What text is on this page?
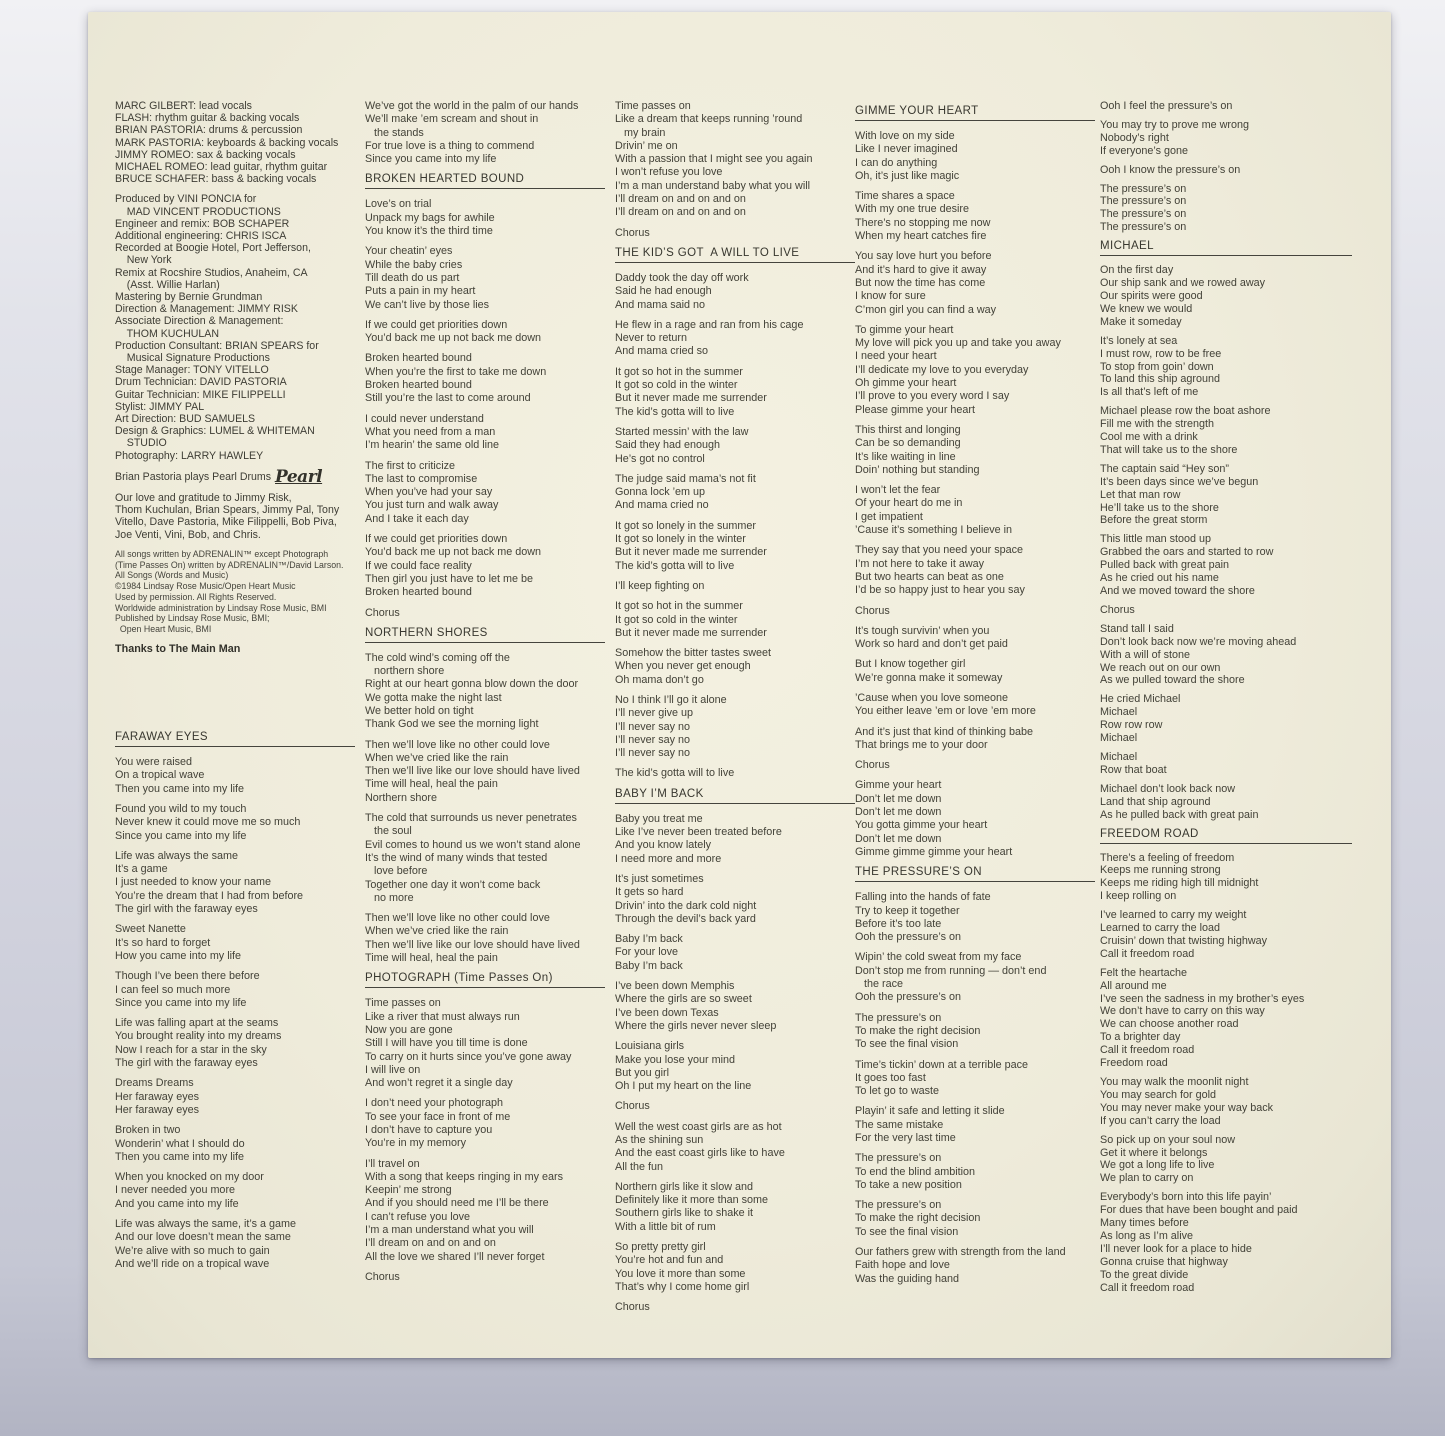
MARC GILBERT: lead vocals
FLASH: rhythm guitar & backing vocals
BRIAN PASTORIA: drums & percussion
MARK PASTORIA: keyboards & backing vocals
JIMMY ROMEO: sax & backing vocals
MICHAEL ROMEO: lead guitar, rhythm guitar
BRUCE SCHAFER: bass & backing vocals
Produced by VINI PONCIA for
MAD VINCENT PRODUCTIONS
Engineer and remix: BOB SCHAPER
Additional engineering: CHRIS ISCA
Recorded at Boogie Hotel, Port Jefferson,
New York
Remix at Rocshire Studios, Anaheim, CA
(Asst. Willie Harlan)
Mastering by Bernie Grundman
Direction & Management: JIMMY RISK
Associate Direction & Management:
THOM KUCHULAN
Production Consultant: BRIAN SPEARS for
Musical Signature Productions
Stage Manager: TONY VITELLO
Drum Technician: DAVID PASTORIA
Guitar Technician: MIKE FILIPPELLI
Stylist: JIMMY PAL
Art Direction: BUD SAMUELS
Design & Graphics: LUMEL & WHITEMAN
STUDIO
Photography: LARRY HAWLEY
Brian Pastoria plays Pearl Drums Pearl
Our love and gratitude to Jimmy Risk,
Thom Kuchulan, Brian Spears, Jimmy Pal, Tony
Vitello, Dave Pastoria, Mike Filippelli, Bob Piva,
Joe Venti, Vini, Bob, and Chris.
All songs written by ADRENALIN™ except Photograph
(Time Passes On) written by ADRENALIN™/David Larson.
All Songs (Words and Music)
©1984 Lindsay Rose Music/Open Heart Music
Used by permission. All Rights Reserved.
Worldwide administration by Lindsay Rose Music, BMI
Published by Lindsay Rose Music, BMI;
Open Heart Music, BMI
Thanks to The Main Man
FARAWAY EYES
You were raised
On a tropical wave
Then you came into my life
Found you wild to my touch
Never knew it could move me so much
Since you came into my life
Life was always the same
It’s a game
I just needed to know your name
You’re the dream that I had from before
The girl with the faraway eyes
Sweet Nanette
It’s so hard to forget
How you came into my life
Though I’ve been there before
I can feel so much more
Since you came into my life
Life was falling apart at the seams
You brought reality into my dreams
Now I reach for a star in the sky
The girl with the faraway eyes
Dreams Dreams
Her faraway eyes
Her faraway eyes
Broken in two
Wonderin’ what I should do
Then you came into my life
When you knocked on my door
I never needed you more
And you came into my life
Life was always the same, it’s a game
And our love doesn’t mean the same
We’re alive with so much to gain
And we’ll ride on a tropical wave
We’ve got the world in the palm of our hands
We’ll make ’em scream and shout in
the stands
For true love is a thing to commend
Since you came into my life
BROKEN HEARTED BOUND
Love’s on trial
Unpack my bags for awhile
You know it’s the third time
Your cheatin’ eyes
While the baby cries
Till death do us part
Puts a pain in my heart
We can’t live by those lies
If we could get priorities down
You’d back me up not back me down
Broken hearted bound
When you’re the first to take me down
Broken hearted bound
Still you’re the last to come around
I could never understand
What you need from a man
I’m hearin’ the same old line
The first to criticize
The last to compromise
When you’ve had your say
You just turn and walk away
And I take it each day
If we could get priorities down
You’d back me up not back me down
If we could face reality
Then girl you just have to let me be
Broken hearted bound
Chorus
NORTHERN SHORES
The cold wind’s coming off the
northern shore
Right at our heart gonna blow down the door
We gotta make the night last
We better hold on tight
Thank God we see the morning light
Then we’ll love like no other could love
When we’ve cried like the rain
Then we’ll live like our love should have lived
Time will heal, heal the pain
Northern shore
The cold that surrounds us never penetrates
the soul
Evil comes to hound us we won’t stand alone
It’s the wind of many winds that tested
love before
Together one day it won’t come back
no more
Then we’ll love like no other could love
When we’ve cried like the rain
Then we’ll live like our love should have lived
Time will heal, heal the pain
PHOTOGRAPH (Time Passes On)
Time passes on
Like a river that must always run
Now you are gone
Still I will have you till time is done
To carry on it hurts since you’ve gone away
I will live on
And won’t regret it a single day
I don’t need your photograph
To see your face in front of me
I don’t have to capture you
You’re in my memory
I’ll travel on
With a song that keeps ringing in my ears
Keepin’ me strong
And if you should need me I’ll be there
I can’t refuse you love
I’m a man understand what you will
I’ll dream on and on and on
All the love we shared I’ll never forget
Chorus
Time passes on
Like a dream that keeps running ’round
my brain
Drivin’ me on
With a passion that I might see you again
I won’t refuse you love
I’m a man understand baby what you will
I’ll dream on and on and on
I’ll dream on and on and on
Chorus
THE KID’S GOT  A WILL TO LIVE
Daddy took the day off work
Said he had enough
And mama said no
He flew in a rage and ran from his cage
Never to return
And mama cried so
It got so hot in the summer
It got so cold in the winter
But it never made me surrender
The kid’s gotta will to live
Started messin’ with the law
Said they had enough
He’s got no control
The judge said mama’s not fit
Gonna lock ’em up
And mama cried no
It got so lonely in the summer
It got so lonely in the winter
But it never made me surrender
The kid’s gotta will to live
I’ll keep fighting on
It got so hot in the summer
It got so cold in the winter
But it never made me surrender
Somehow the bitter tastes sweet
When you never get enough
Oh mama don’t go
No I think I’ll go it alone
I’ll never give up
I’ll never say no
I’ll never say no
I’ll never say no
The kid’s gotta will to live
BABY I’M BACK
Baby you treat me
Like I’ve never been treated before
And you know lately
I need more and more
It’s just sometimes
It gets so hard
Drivin’ into the dark cold night
Through the devil’s back yard
Baby I’m back
For your love
Baby I’m back
I’ve been down Memphis
Where the girls are so sweet
I’ve been down Texas
Where the girls never never sleep
Louisiana girls
Make you lose your mind
But you girl
Oh I put my heart on the line
Chorus
Well the west coast girls are as hot
As the shining sun
And the east coast girls like to have
All the fun
Northern girls like it slow and
Definitely like it more than some
Southern girls like to shake it
With a little bit of rum
So pretty pretty girl
You’re hot and fun and
You love it more than some
That’s why I come home girl
Chorus
GIMME YOUR HEART
With love on my side
Like I never imagined
I can do anything
Oh, it’s just like magic
Time shares a space
With my one true desire
There’s no stopping me now
When my heart catches fire
You say love hurt you before
And it’s hard to give it away
But now the time has come
I know for sure
C’mon girl you can find a way
To gimme your heart
My love will pick you up and take you away
I need your heart
I’ll dedicate my love to you everyday
Oh gimme your heart
I’ll prove to you every word I say
Please gimme your heart
This thirst and longing
Can be so demanding
It’s like waiting in line
Doin’ nothing but standing
I won’t let the fear
Of your heart do me in
I get impatient
’Cause it’s something I believe in
They say that you need your space
I’m not here to take it away
But two hearts can beat as one
I’d be so happy just to hear you say
Chorus
It’s tough survivin’ when you
Work so hard and don’t get paid
But I know together girl
We’re gonna make it someway
’Cause when you love someone
You either leave ’em or love ’em more
And it’s just that kind of thinking babe
That brings me to your door
Chorus
Gimme your heart
Don’t let me down
Don’t let me down
You gotta gimme your heart
Don’t let me down
Gimme gimme gimme your heart
THE PRESSURE’S ON
Falling into the hands of fate
Try to keep it together
Before it’s too late
Ooh the pressure’s on
Wipin’ the cold sweat from my face
Don’t stop me from running — don’t end
the race
Ooh the pressure’s on
The pressure’s on
To make the right decision
To see the final vision
Time’s tickin’ down at a terrible pace
It goes too fast
To let go to waste
Playin’ it safe and letting it slide
The same mistake
For the very last time
The pressure’s on
To end the blind ambition
To take a new position
The pressure’s on
To make the right decision
To see the final vision
Our fathers grew with strength from the land
Faith hope and love
Was the guiding hand
Ooh I feel the pressure’s on
You may try to prove me wrong
Nobody’s right
If everyone’s gone
Ooh I know the pressure’s on
The pressure’s on
The pressure’s on
The pressure’s on
The pressure’s on
MICHAEL
On the first day
Our ship sank and we rowed away
Our spirits were good
We knew we would
Make it someday
It’s lonely at sea
I must row, row to be free
To stop from goin’ down
To land this ship aground
Is all that’s left of me
Michael please row the boat ashore
Fill me with the strength
Cool me with a drink
That will take us to the shore
The captain said “Hey son”
It’s been days since we’ve begun
Let that man row
He’ll take us to the shore
Before the great storm
This little man stood up
Grabbed the oars and started to row
Pulled back with great pain
As he cried out his name
And we moved toward the shore
Chorus
Stand tall I said
Don’t look back now we’re moving ahead
With a will of stone
We reach out on our own
As we pulled toward the shore
He cried Michael
Michael
Row row row
Michael
Michael
Row that boat
Michael don’t look back now
Land that ship aground
As he pulled back with great pain
FREEDOM ROAD
There’s a feeling of freedom
Keeps me running strong
Keeps me riding high till midnight
I keep rolling on
I’ve learned to carry my weight
Learned to carry the load
Cruisin’ down that twisting highway
Call it freedom road
Felt the heartache
All around me
I’ve seen the sadness in my brother’s eyes
We don’t have to carry on this way
We can choose another road
To a brighter day
Call it freedom road
Freedom road
You may walk the moonlit night
You may search for gold
You may never make your way back
If you can’t carry the load
So pick up on your soul now
Get it where it belongs
We got a long life to live
We plan to carry on
Everybody’s born into this life payin’
For dues that have been bought and paid
Many times before
As long as I’m alive
I’ll never look for a place to hide
Gonna cruise that highway
To the great divide
Call it freedom road
